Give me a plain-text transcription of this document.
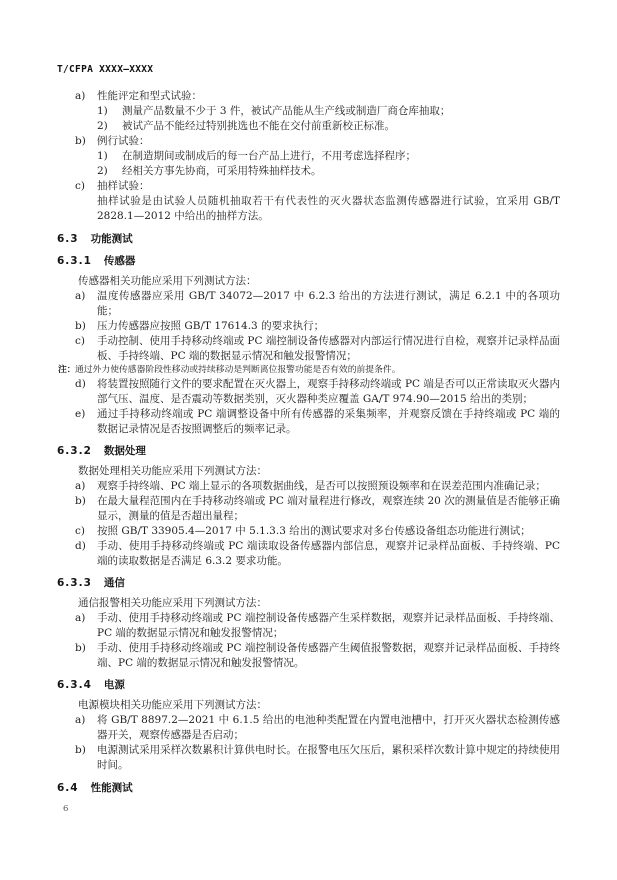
T/CFPA XXXX—XXXX
a) 性能评定和型式试验：
1) 测量产品数量不少于 3 件，被试产品能从生产线或制造厂商仓库抽取；
2) 被试产品不能经过特别挑选也不能在交付前重新校正标准。
b) 例行试验：
1) 在制造期间或制成后的每一台产品上进行，不用考虑选择程序；
2) 经相关方事先协商，可采用特殊抽样技术。
c) 抽样试验：
抽样试验是由试验人员随机抽取若干有代表性的灭火器状态监测传感器进行试验，宜采用 GB/T 2828.1—2012 中给出的抽样方法。
6.3 功能测试
6.3.1 传感器
传感器相关功能应采用下列测试方法：
a) 温度传感器应采用 GB/T 34072—2017 中 6.2.3 给出的方法进行测试，满足 6.2.1 中的各项功能；
b) 压力传感器应按照 GB/T 17614.3 的要求执行；
c) 手动控制、使用手持移动终端或 PC 端控制设备传感器对内部运行情况进行自检，观察并记录样品面板、手持终端、PC 端的数据显示情况和触发报警情况；
注： 通过外力使传感器阶段性移动或持续移动是判断离位报警功能是否有效的前提条件。
d) 将装置按照随行文件的要求配置在灭火器上，观察手持移动终端或 PC 端是否可以正常读取灭火器内部气压、温度、是否震动等数据类别，灭火器种类应覆盖 GA/T 974.90—2015 给出的类别；
e) 通过手持移动终端或 PC 端调整设备中所有传感器的采集频率，并观察反馈在手持终端或 PC 端的数据记录情况是否按照调整后的频率记录。
6.3.2 数据处理
数据处理相关功能应采用下列测试方法：
a) 观察手持终端、PC 端上显示的各项数据曲线，是否可以按照预设频率和在误差范围内准确记录；
b) 在最大量程范围内在手持移动终端或 PC 端对量程进行修改，观察连续 20 次的测量值是否能够正确显示，测量的值是否超出量程；
c) 按照 GB/T 33905.4—2017 中 5.1.3.3 给出的测试要求对多台传感设备组态功能进行测试；
d) 手动、使用手持移动终端或 PC 端读取设备传感器内部信息，观察并记录样品面板、手持终端、PC 端的读取数据是否满足 6.3.2 要求功能。
6.3.3 通信
通信报警相关功能应采用下列测试方法：
a) 手动、使用手持移动终端或 PC 端控制设备传感器产生采样数据，观察并记录样品面板、手持终端、PC 端的数据显示情况和触发报警情况；
b) 手动、使用手持移动终端或 PC 端控制设备传感器产生阈值报警数据，观察并记录样品面板、手持终端、PC 端的数据显示情况和触发报警情况。
6.3.4 电源
电源模块相关功能应采用下列测试方法：
a) 将 GB/T 8897.2—2021 中 6.1.5 给出的电池种类配置在内置电池槽中，打开灭火器状态检测传感器开关，观察传感器是否启动；
b) 电源测试采用采样次数累积计算供电时长。在报警电压欠压后，累积采样次数计算中规定的持续使用时间。
6.4 性能测试
6
